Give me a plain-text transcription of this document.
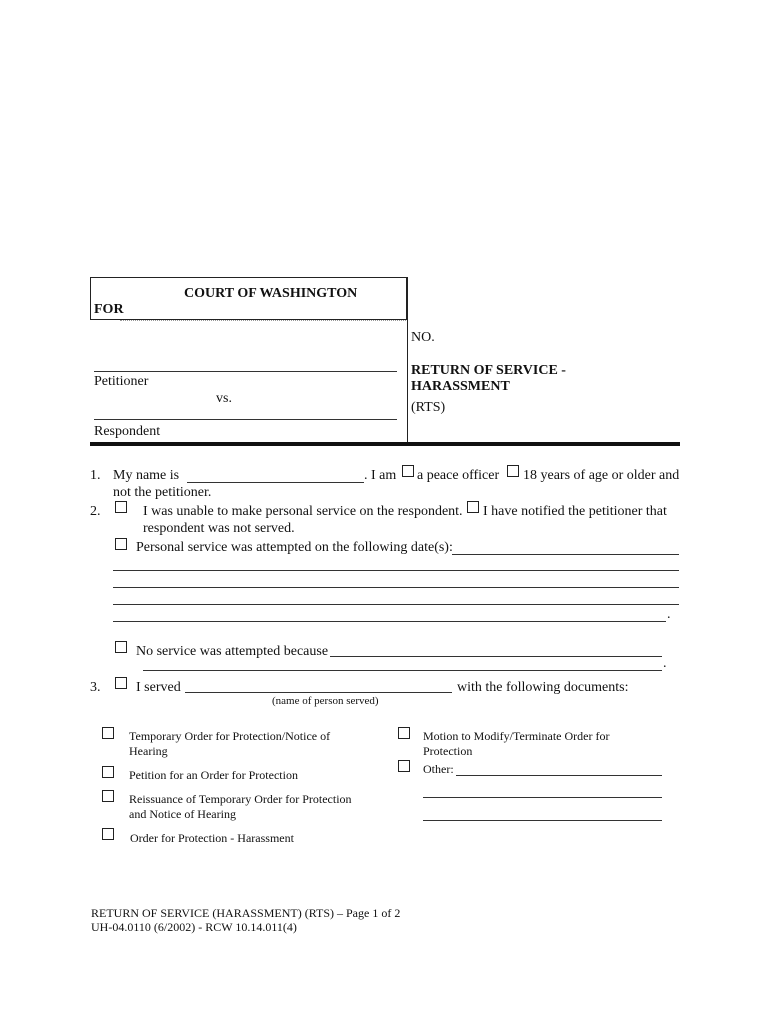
COURT OF WASHINGTON
FOR
NO.
Petitioner
vs.
Respondent
RETURN OF SERVICE -
HARASSMENT
(RTS)
1. My name is	. I am a peace officer 18 years of age or older and
not the petitioner.
2.	I was unable to make personal service on the respondent. I have notified the petitioner that
respondent was not served.
Personal service was attempted on the following date(s):
.
No service was attempted because
.
3.	I served	with the following documents:
(name of person served)
Temporary Order for Protection/Notice of
Hearing
Petition for an Order for Protection
Reissuance of Temporary Order for Protection
and Notice of Hearing
Order for Protection - Harassment
Motion to Modify/Terminate Order for
Protection
Other:
RETURN OF SERVICE (HARASSMENT) (RTS) – Page 1 of 2
UH-04.0110 (6/2002) - RCW 10.14.011(4)
